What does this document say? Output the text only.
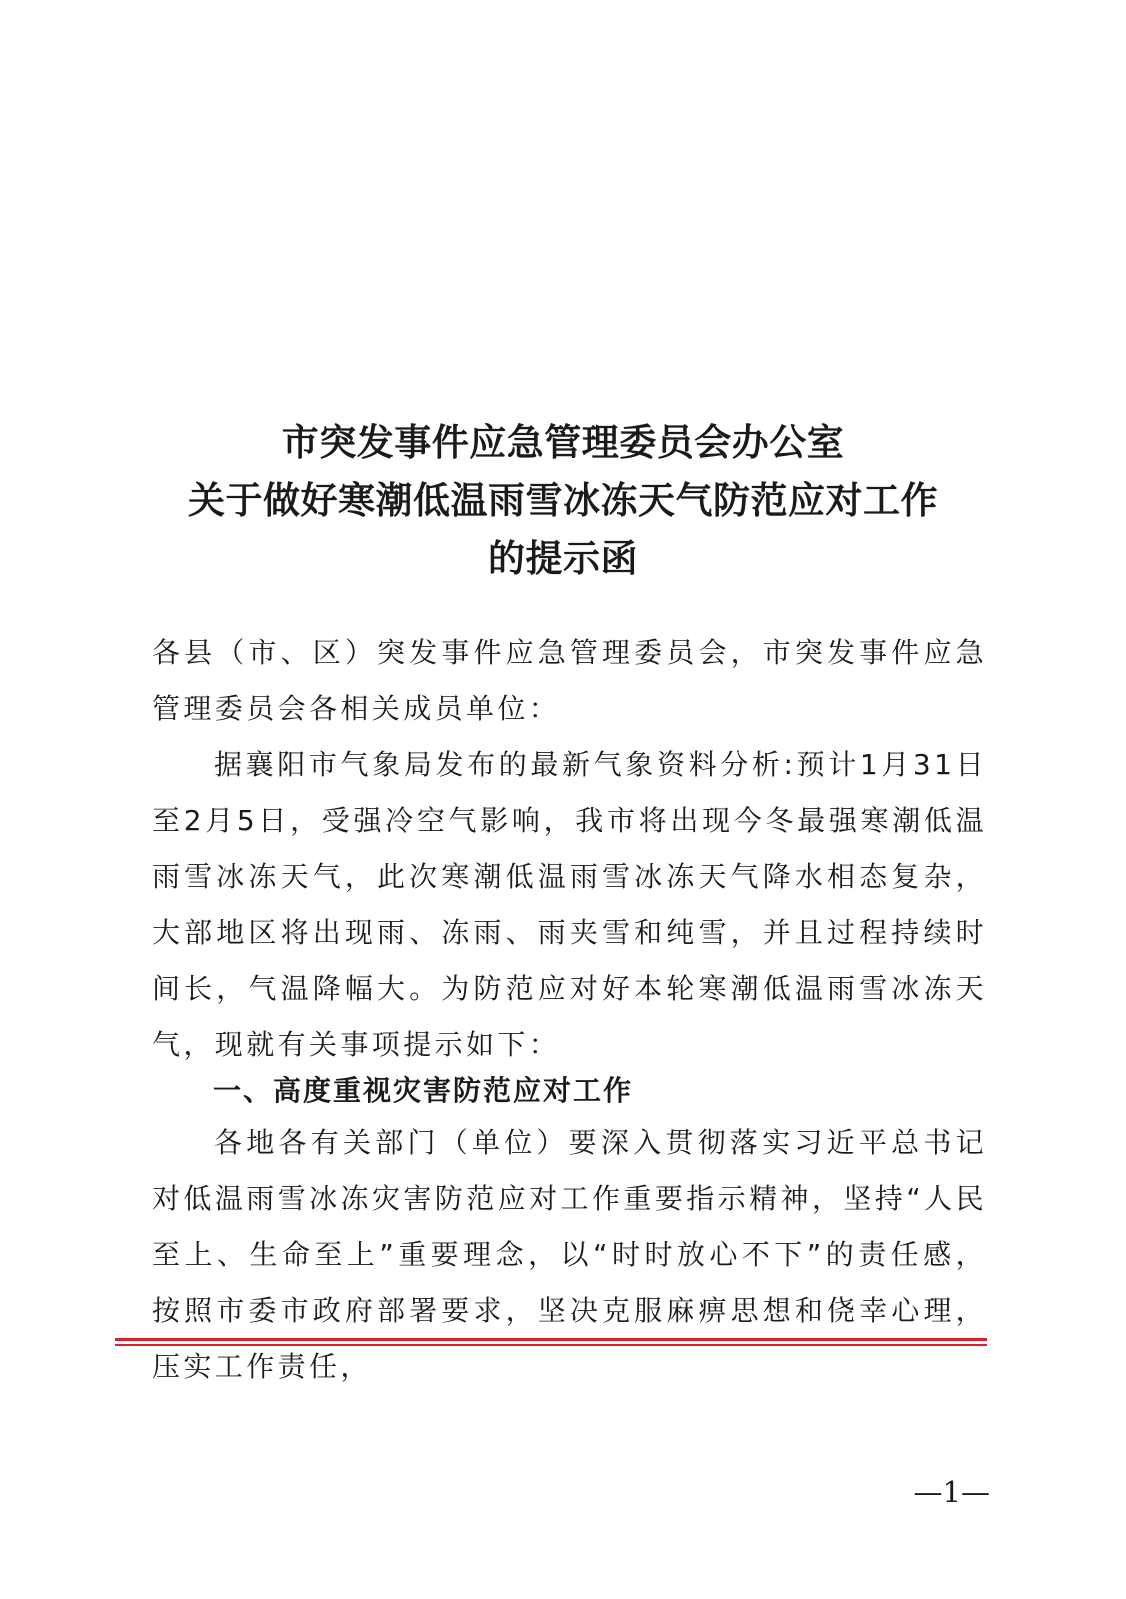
市突发事件应急管理委员会办公室
关于做好寒潮低温雨雪冰冻天气防范应对工作
的提示函
各县（市、区）突发事件应急管理委员会，市突发事件应急管理委员会各相关成员单位：
据襄阳市气象局发布的最新气象资料分析:预计1月31日至2月5日，受强冷空气影响，我市将出现今冬最强寒潮低温雨雪冰冻天气，此次寒潮低温雨雪冰冻天气降水相态复杂，大部地区将出现雨、冻雨、雨夹雪和纯雪，并且过程持续时间长，气温降幅大。为防范应对好本轮寒潮低温雨雪冰冻天气，现就有关事项提示如下：
一、高度重视灾害防范应对工作
各地各有关部门（单位）要深入贯彻落实习近平总书记对低温雨雪冰冻灾害防范应对工作重要指示精神，坚持“人民至上、生命至上”重要理念，以“时时放心不下”的责任感，按照市委市政府部署要求，坚决克服麻痹思想和侥幸心理，压实工作责任，
—1—
